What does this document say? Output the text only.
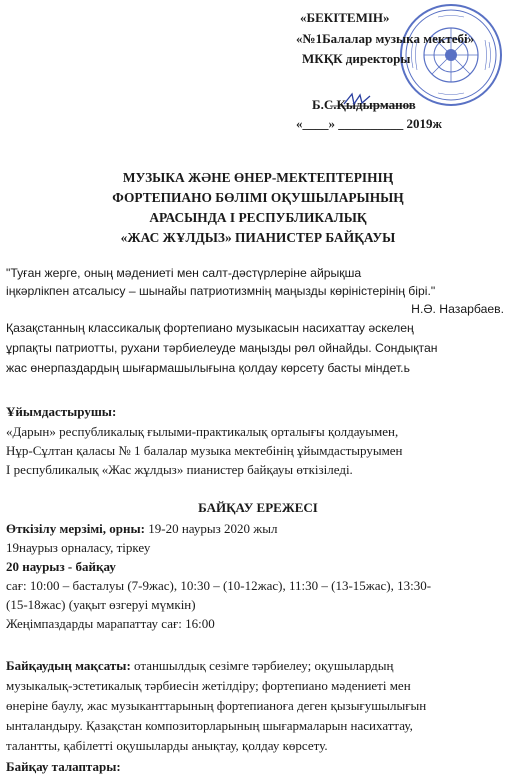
«БЕКІТЕМІН»
«№1Балалар музыка мектебі»
МКҚК директоры
Б.С.Қыдырманов
«____» __________ 2019ж
МУЗЫКА ЖӘНЕ ӨНЕР-МЕКТЕПТЕРІНІҢ
ФОРТЕПИАНО БӨЛІМІ ОҚУШЫЛАРЫНЫҢ
АРАСЫНДА І РЕСПУБЛИКАЛЫҚ
«ЖАС ЖҰЛДЫЗ» ПИАНИСТЕР БАЙҚАУЫ
"Туған жерге, оның мәдениеті мен салт-дәстүрлеріне айрықша
іңкәрлікпен атсалысу – шынайы патриотизмнің маңызды көріністерінің бірі."
Н.Ә. Назарбаев.
Қазақстанның классикалық фортепиано музыкасын насихаттау әскелең
ұрпақты патриотты, рухани тәрбиелеуде маңызды рөл ойнайды. Сондықтан
жас өнерпаздардың шығармашылығына қолдау көрсету басты міндет.ь
Ұйымдастырушы:
«Дарын» республикалық ғылыми-практикалық орталығы қолдауымен,
Нұр-Сұлтан қаласы № 1 балалар музыка мектебінің ұйымдастыруымен
І республикалық «Жас жұлдыз» пианистер байқауы өткізіледі.
БАЙҚАУ ЕРЕЖЕСІ
Өткізілу мерзімі, орны: 19-20 наурыз 2020 жыл
19наурыз орналасу, тіркеу
20 наурыз - байқау
сағ: 10:00 – басталуы (7-9жас), 10:30 – (10-12жас), 11:30 – (13-15жас), 13:30-
(15-18жас) (уақыт өзгеруі мүмкін)
Жеңімпаздарды марапаттау сағ: 16:00
Байқаудың мақсаты: отаншылдық сезімге тәрбиелеу; оқушылардың
музыкалық-эстетикалық тәрбиесін жетілдіру; фортепиано мәдениеті мен
өнеріне баулу, жас музыканттарының фортепианоға деген қызығушылығын
ынталандыру. Қазақстан композиторларының шығармаларын насихаттау,
талантты, қабілетті оқушыларды анықтау, қолдау көрсету.
Байқау талаптары:
